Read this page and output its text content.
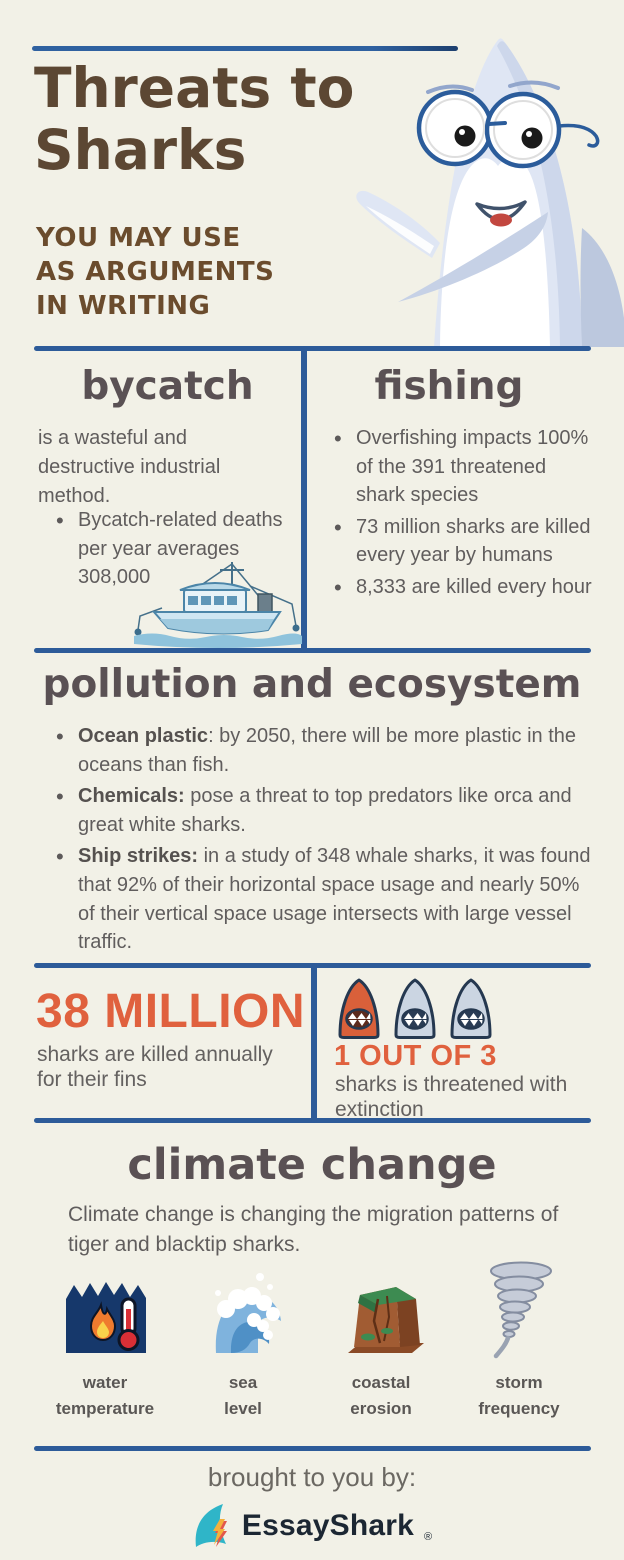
Threats to
Sharks
YOU MAY USE
AS ARGUMENTS
IN WRITING
bycatch
is a wasteful and destructive industrial method.
• Bycatch-related deaths per year averages 308,000
fishing
• Overfishing impacts 100% of the 391 threatened shark species
• 73 million sharks are killed every year by humans
• 8,333 are killed every hour
pollution and ecosystem
• Ocean plastic: by 2050, there will be more plastic in the oceans than fish.
• Chemicals: pose a threat to top predators like orca and great white sharks.
• Ship strikes: in a study of 348 whale sharks, it was found that 92% of their horizontal space usage and nearly 50% of their vertical space usage intersects with large vessel traffic.
38 MILLION
sharks are killed annually for their fins
1 OUT OF 3
sharks is threatened with extinction
climate change
Climate change is changing the migration patterns of tiger and blacktip sharks.
water
temperature
sea
level
coastal
erosion
storm
frequency
brought to you by:
EssayShark ®
